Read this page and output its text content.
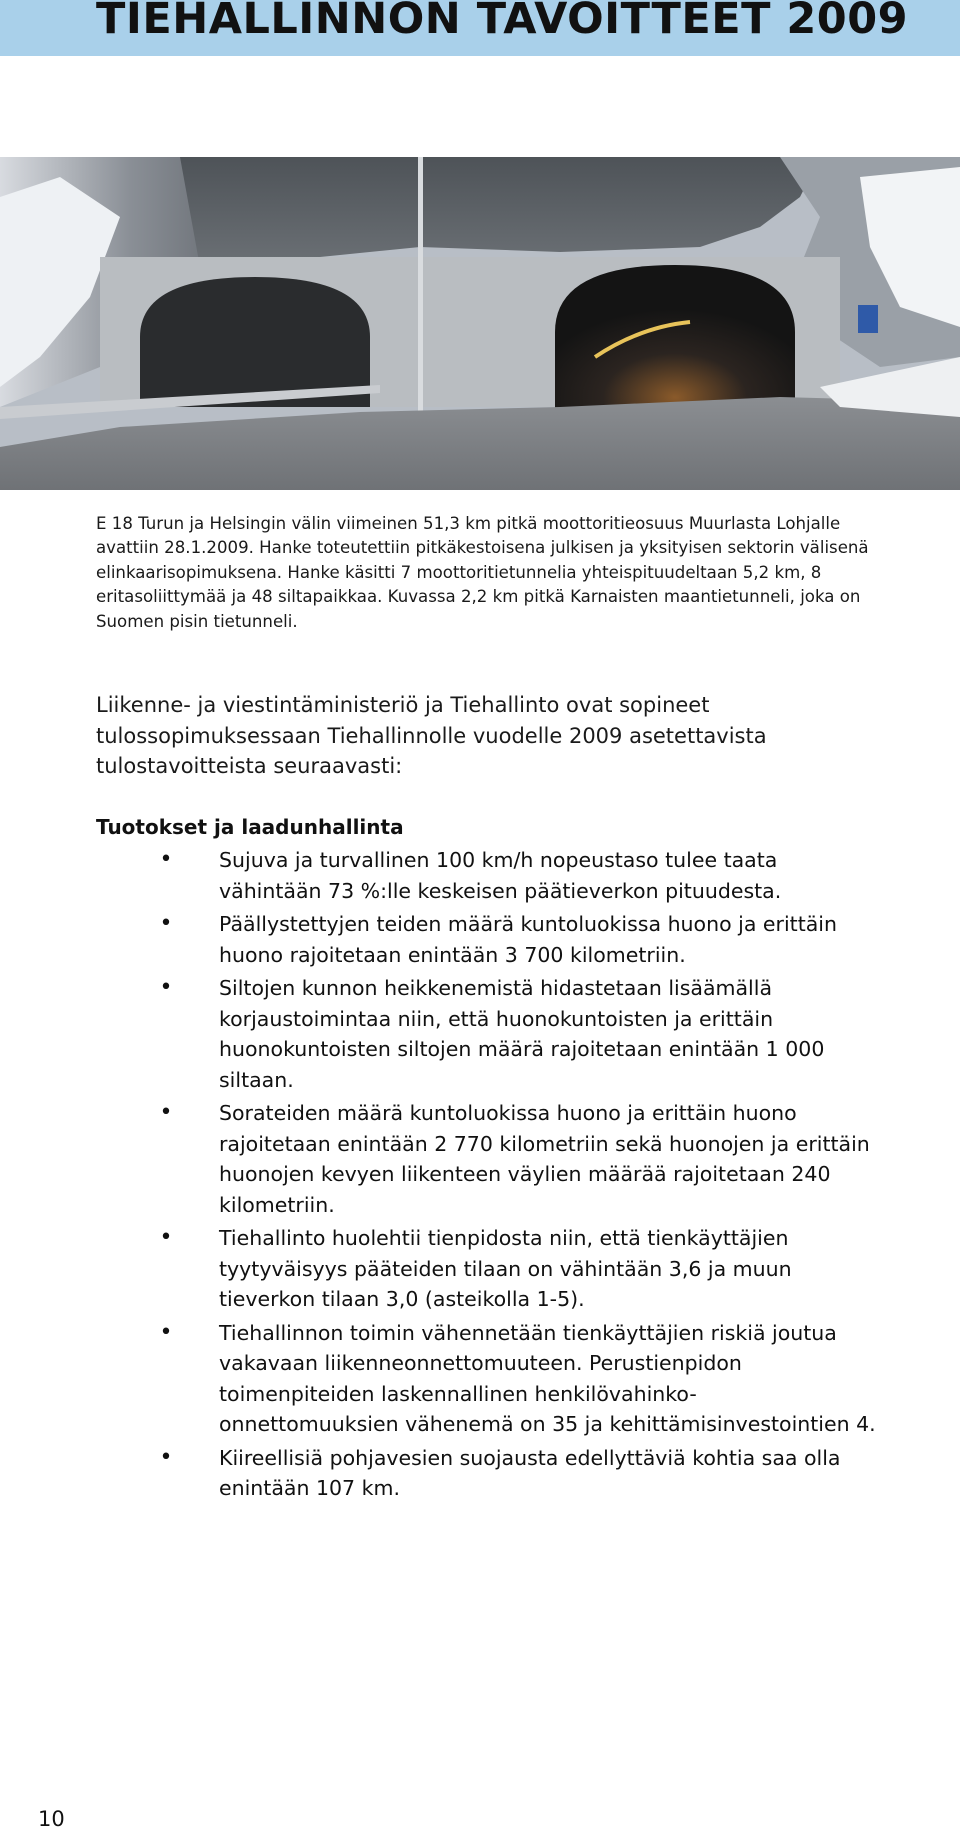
TIEHALLINNON TAVOITTEET 2009

E 18 Turun ja Helsingin välin viimeinen 51,3 km pitkä moottoritieosuus Muurlasta Lohjalle avattiin 28.1.2009. Hanke toteutettiin pitkäkestoisena julkisen ja yksityisen sektorin välisenä elinkaarisopimuksena. Hanke käsitti 7 moottoritietunnelia yhteispituudeltaan 5,2 km, 8 eritasoliittymää ja 48 siltapaikkaa. Kuvassa 2,2 km pitkä Karnaisten maantietunneli, joka on Suomen pisin tietunneli.

Liikenne- ja viestintäministeriö ja Tiehallinto ovat sopineet tulossopimuksessaan Tiehallinnolle vuodelle 2009 asetettavista tulostavoitteista seuraavasti:

Tuotokset ja laadunhallinta
• Sujuva ja turvallinen 100 km/h nopeustaso tulee taata vähintään 73 %:lle keskeisen päätieverkon pituudesta.
• Päällystettyjen teiden määrä kuntoluokissa huono ja erittäin huono rajoitetaan enintään 3 700 kilometriin.
• Siltojen kunnon heikkenemistä hidastetaan lisäämällä korjaustoimintaa niin, että huonokuntoisten ja erittäin huonokuntoisten siltojen määrä rajoitetaan enintään 1 000 siltaan.
• Sorateiden määrä kuntoluokissa huono ja erittäin huono rajoitetaan enintään 2 770 kilometriin sekä huonojen ja erittäin huonojen kevyen liikenteen väylien määrää rajoitetaan 240 kilometriin.
• Tiehallinto huolehtii tienpidosta niin, että tienkäyttäjien tyytyväisyys pääteiden tilaan on vähintään 3,6 ja muun tieverkon tilaan 3,0 (asteikolla 1-5).
• Tiehallinnon toimin vähennetään tienkäyttäjien riskiä joutua vakavaan liikenneonnettomuuteen. Perustienpidon toimenpiteiden laskennallinen henkilövahinko-onnettomuuksien vähenemä on 35 ja kehittämisinvestointien 4.
• Kiireellisiä pohjavesien suojausta edellyttäviä kohtia saa olla enintään 107 km.

10
